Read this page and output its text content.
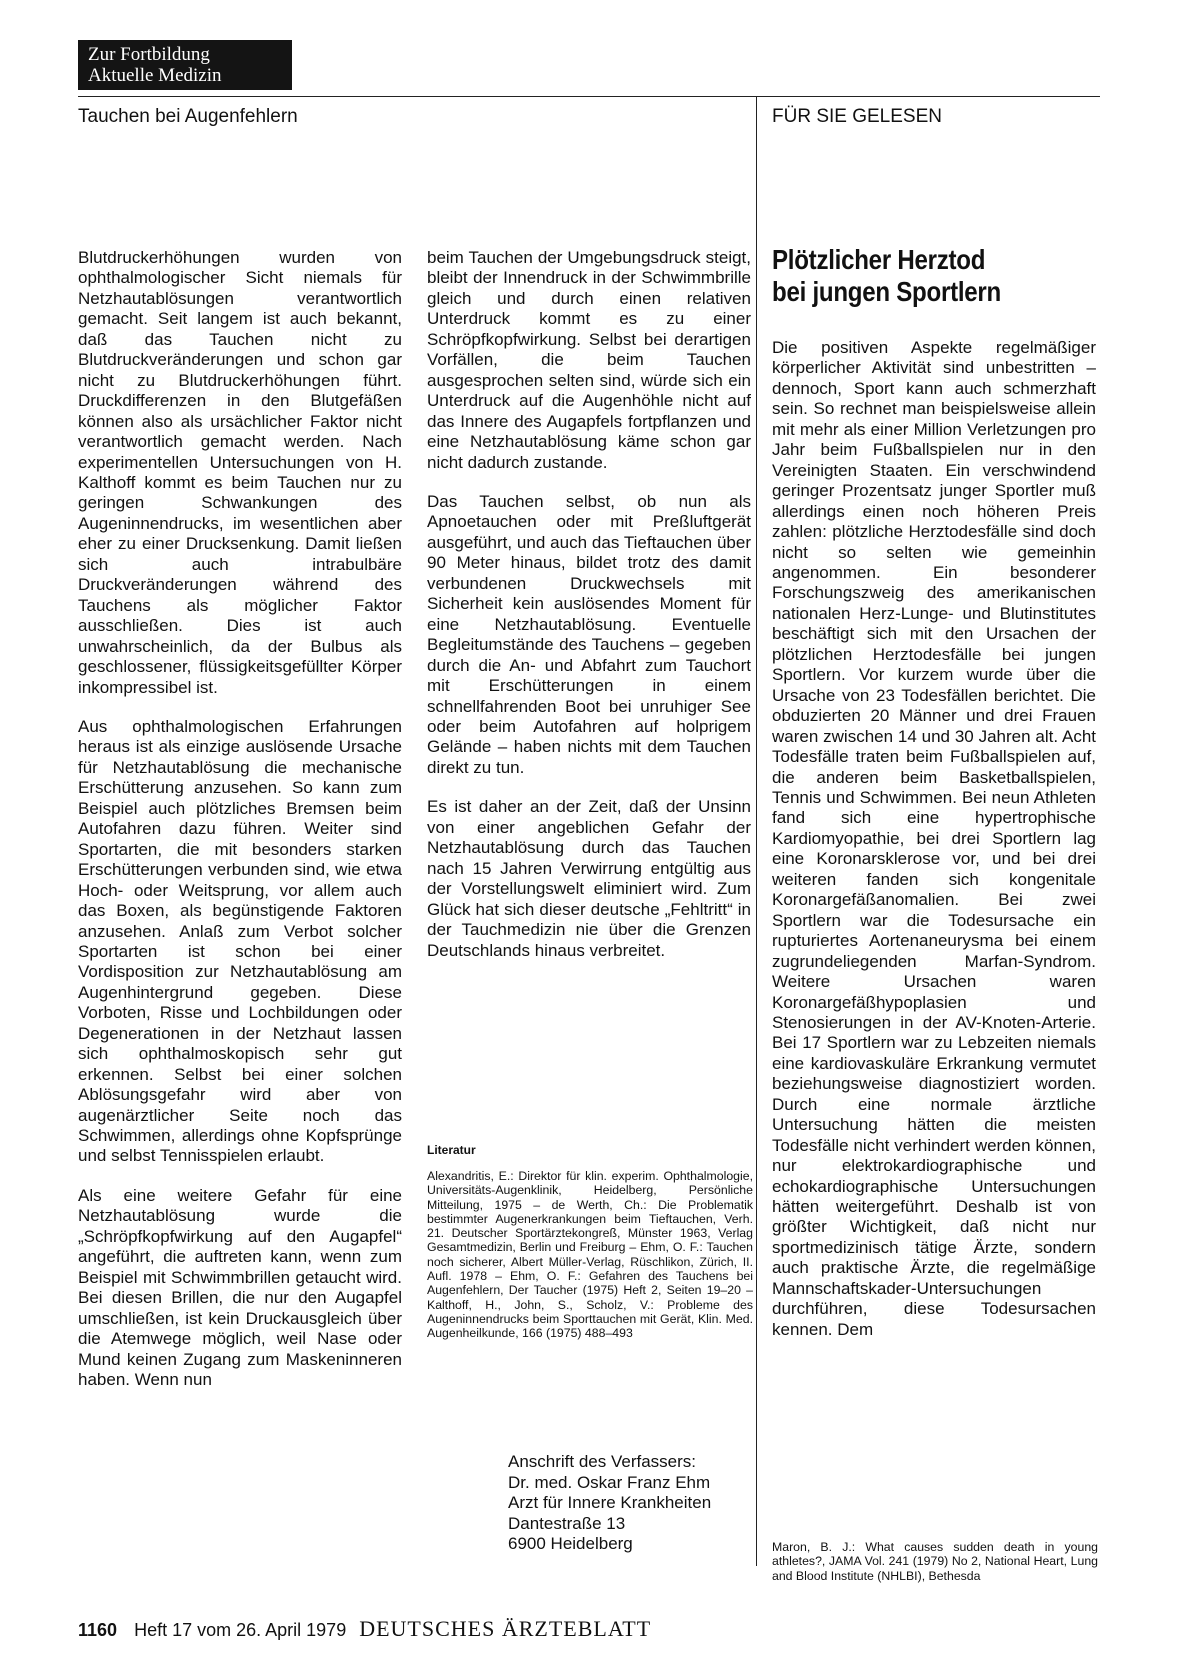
Zur Fortbildung
Aktuelle Medizin
Tauchen bei Augenfehlern	FÜR SIE GELESEN

Blutdruckerhöhungen wurden von ophthalmologischer Sicht niemals für Netzhautablösungen verantwortlich gemacht. Seit langem ist auch bekannt, daß das Tauchen nicht zu Blutdruckveränderungen und schon gar nicht zu Blutdruckerhöhungen führt. Druckdifferenzen in den Blutgefäßen können also als ursächlicher Faktor nicht verantwortlich gemacht werden. Nach experimentellen Untersuchungen von H. Kalthoff kommt es beim Tauchen nur zu geringen Schwankungen des Augeninnendrucks, im wesentlichen aber eher zu einer Drucksenkung. Damit ließen sich auch intrabulbäre Druckveränderungen während des Tauchens als möglicher Faktor ausschließen. Dies ist auch unwahrscheinlich, da der Bulbus als geschlossener, flüssigkeitsgefüllter Körper inkompressibel ist.

Aus ophthalmologischen Erfahrungen heraus ist als einzige auslösende Ursache für Netzhautablösung die mechanische Erschütterung anzusehen. So kann zum Beispiel auch plötzliches Bremsen beim Autofahren dazu führen. Weiter sind Sportarten, die mit besonders starken Erschütterungen verbunden sind, wie etwa Hoch- oder Weitsprung, vor allem auch das Boxen, als begünstigende Faktoren anzusehen. Anlaß zum Verbot solcher Sportarten ist schon bei einer Vordisposition zur Netzhautablösung am Augenhintergrund gegeben. Diese Vorboten, Risse und Lochbildungen oder Degenerationen in der Netzhaut lassen sich ophthalmoskopisch sehr gut erkennen. Selbst bei einer solchen Ablösungsgefahr wird aber von augenärztlicher Seite noch das Schwimmen, allerdings ohne Kopfsprünge und selbst Tennisspielen erlaubt.

Als eine weitere Gefahr für eine Netzhautablösung wurde die „Schröpfkopfwirkung auf den Augapfel“ angeführt, die auftreten kann, wenn zum Beispiel mit Schwimmbrillen getaucht wird. Bei diesen Brillen, die nur den Augapfel umschließen, ist kein Druckausgleich über die Atemwege möglich, weil Nase oder Mund keinen Zugang zum Maskeninneren haben. Wenn nun

beim Tauchen der Umgebungsdruck steigt, bleibt der Innendruck in der Schwimmbrille gleich und durch einen relativen Unterdruck kommt es zu einer Schröpfkopfwirkung. Selbst bei derartigen Vorfällen, die beim Tauchen ausgesprochen selten sind, würde sich ein Unterdruck auf die Augenhöhle nicht auf das Innere des Augapfels fortpflanzen und eine Netzhautablösung käme schon gar nicht dadurch zustande.

Das Tauchen selbst, ob nun als Apnoetauchen oder mit Preßluftgerät ausgeführt, und auch das Tieftauchen über 90 Meter hinaus, bildet trotz des damit verbundenen Druckwechsels mit Sicherheit kein auslösendes Moment für eine Netzhautablösung. Eventuelle Begleitumstände des Tauchens – gegeben durch die An- und Abfahrt zum Tauchort mit Erschütterungen in einem schnellfahrenden Boot bei unruhiger See oder beim Autofahren auf holprigem Gelände – haben nichts mit dem Tauchen direkt zu tun.

Es ist daher an der Zeit, daß der Unsinn von einer angeblichen Gefahr der Netzhautablösung durch das Tauchen nach 15 Jahren Verwirrung entgültig aus der Vorstellungswelt eliminiert wird. Zum Glück hat sich dieser deutsche „Fehltritt“ in der Tauchmedizin nie über die Grenzen Deutschlands hinaus verbreitet.

Literatur
Alexandritis, E.: Direktor für klin. experim. Ophthalmologie, Universitäts-Augenklinik, Heidelberg, Persönliche Mitteilung, 1975 – de Werth, Ch.: Die Problematik bestimmter Augenerkrankungen beim Tieftauchen, Verh. 21. Deutscher Sportärztekongreß, Münster 1963, Verlag Gesamtmedizin, Berlin und Freiburg – Ehm, O. F.: Tauchen noch sicherer, Albert Müller-Verlag, Rüschlikon, Zürich, II. Aufl. 1978 – Ehm, O. F.: Gefahren des Tauchens bei Augenfehlern, Der Taucher (1975) Heft 2, Seiten 19–20 – Kalthoff, H., John, S., Scholz, V.: Probleme des Augeninnendrucks beim Sporttauchen mit Gerät, Klin. Med. Augenheilkunde, 166 (1975) 488–493
Anschrift des Verfassers:
Dr. med. Oskar Franz Ehm
Arzt für Innere Krankheiten
Dantestraße 13
6900 Heidelberg
Plötzlicher Herztod
bei jungen Sportlern

Die positiven Aspekte regelmäßiger körperlicher Aktivität sind unbestritten – dennoch, Sport kann auch schmerzhaft sein. So rechnet man beispielsweise allein mit mehr als einer Million Verletzungen pro Jahr beim Fußballspielen nur in den Vereinigten Staaten. Ein verschwindend geringer Prozentsatz junger Sportler muß allerdings einen noch höheren Preis zahlen: plötzliche Herztodesfälle sind doch nicht so selten wie gemeinhin angenommen. Ein besonderer Forschungszweig des amerikanischen nationalen Herz-Lunge- und Blutinstitutes beschäftigt sich mit den Ursachen der plötzlichen Herztodesfälle bei jungen Sportlern. Vor kurzem wurde über die Ursache von 23 Todesfällen berichtet. Die obduzierten 20 Männer und drei Frauen waren zwischen 14 und 30 Jahren alt. Acht Todesfälle traten beim Fußballspielen auf, die anderen beim Basketballspielen, Tennis und Schwimmen. Bei neun Athleten fand sich eine hypertrophische Kardiomyopathie, bei drei Sportlern lag eine Koronarsklerose vor, und bei drei weiteren fanden sich kongenitale Koronargefäßanomalien. Bei zwei Sportlern war die Todesursache ein rupturiertes Aortenaneurysma bei einem zugrundeliegenden Marfan-Syndrom. Weitere Ursachen waren Koronargefäßhypoplasien und Stenosierungen in der AV-Knoten-Arterie. Bei 17 Sportlern war zu Lebzeiten niemals eine kardiovaskuläre Erkrankung vermutet beziehungsweise diagnostiziert worden. Durch eine normale ärztliche Untersuchung hätten die meisten Todesfälle nicht verhindert werden können, nur elektrokardiographische und echokardiographische Untersuchungen hätten weitergeführt. Deshalb ist von größter Wichtigkeit, daß nicht nur sportmedizinisch tätige Ärzte, sondern auch praktische Ärzte, die regelmäßige Mannschaftskader-Untersuchungen durchführen, diese Todesursachen kennen. Dem

Maron, B. J.: What causes sudden death in young athletes?, JAMA Vol. 241 (1979) No 2, National Heart, Lung and Blood Institute (NHLBI), Bethesda
1160 Heft 17 vom 26. April 1979 DEUTSCHES ÄRZTEBLATT
